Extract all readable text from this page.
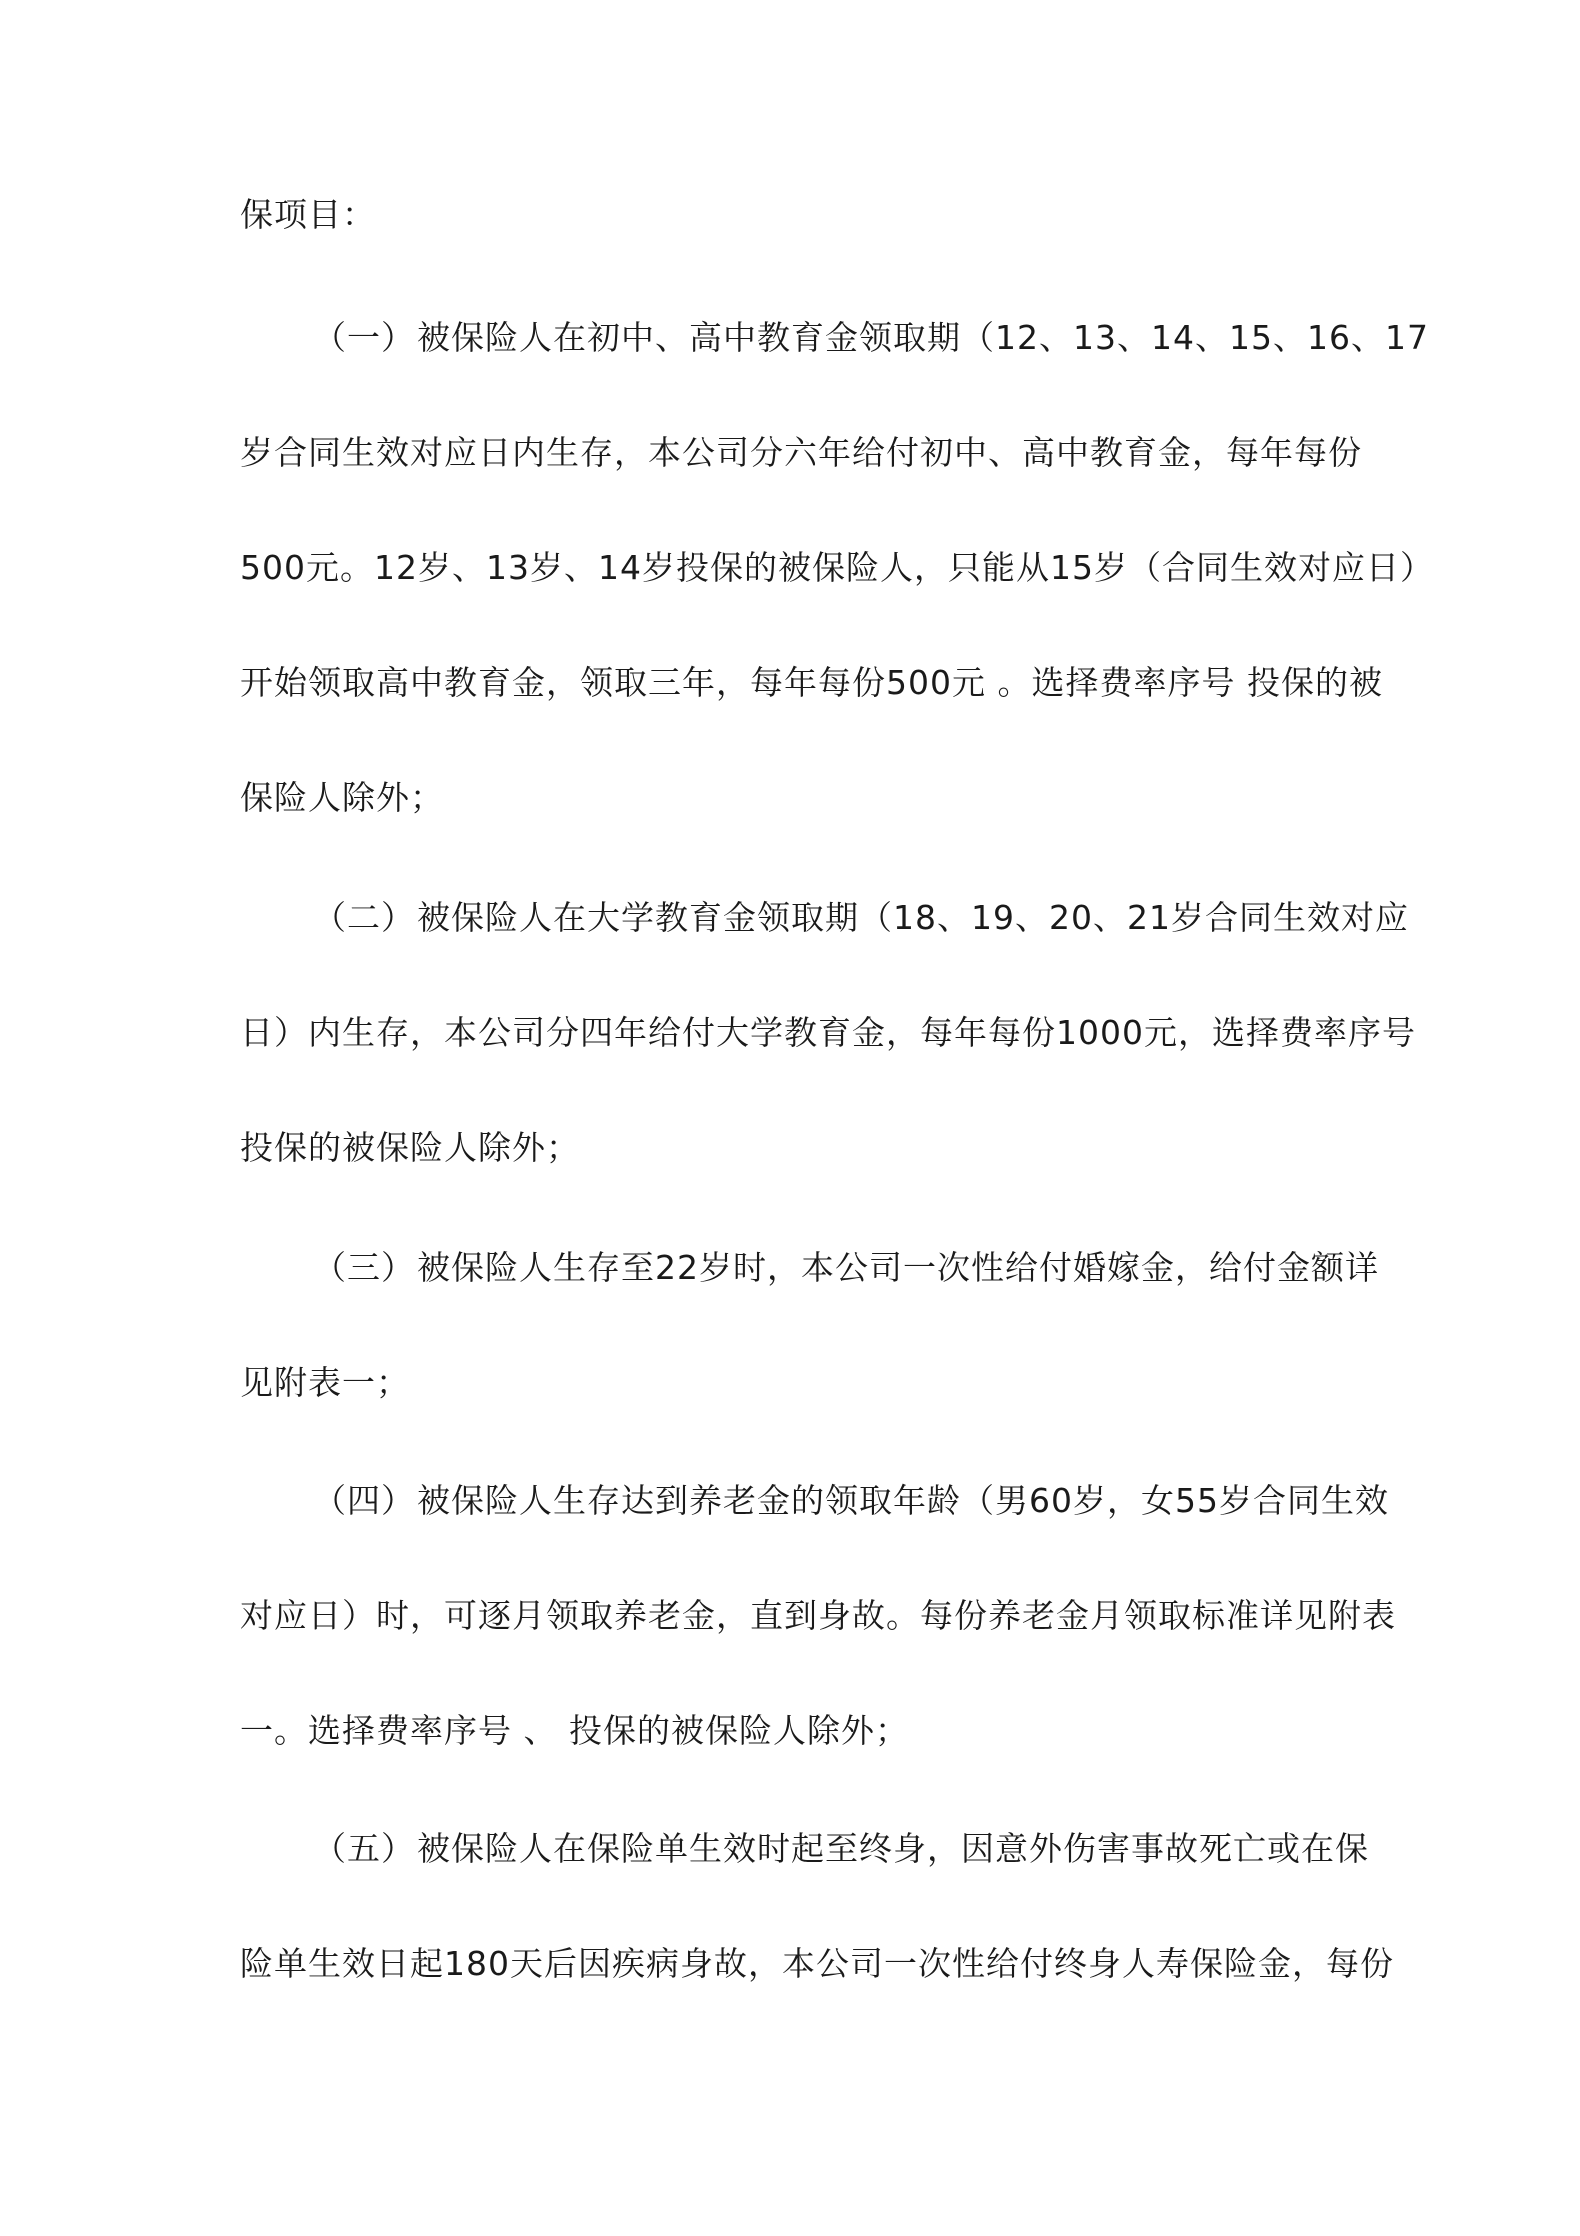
保项目：
（一）被保险人在初中、高中教育金领取期（12、13、14、15、16、17
岁合同生效对应日内生存，本公司分六年给付初中、高中教育金，每年每份
500元。12岁、13岁、14岁投保的被保险人，只能从15岁（合同生效对应日）
开始领取高中教育金，领取三年，每年每份500元 。选择费率序号 投保的被
保险人除外；
（二）被保险人在大学教育金领取期（18、19、20、21岁合同生效对应
日）内生存，本公司分四年给付大学教育金，每年每份1000元，选择费率序号
投保的被保险人除外；
（三）被保险人生存至22岁时，本公司一次性给付婚嫁金，给付金额详
见附表一；
（四）被保险人生存达到养老金的领取年龄（男60岁，女55岁合同生效
对应日）时，可逐月领取养老金，直到身故。每份养老金月领取标准详见附表
一。选择费率序号 、 投保的被保险人除外；
（五）被保险人在保险单生效时起至终身，因意外伤害事故死亡或在保
险单生效日起180天后因疾病身故，本公司一次性给付终身人寿保险金，每份
